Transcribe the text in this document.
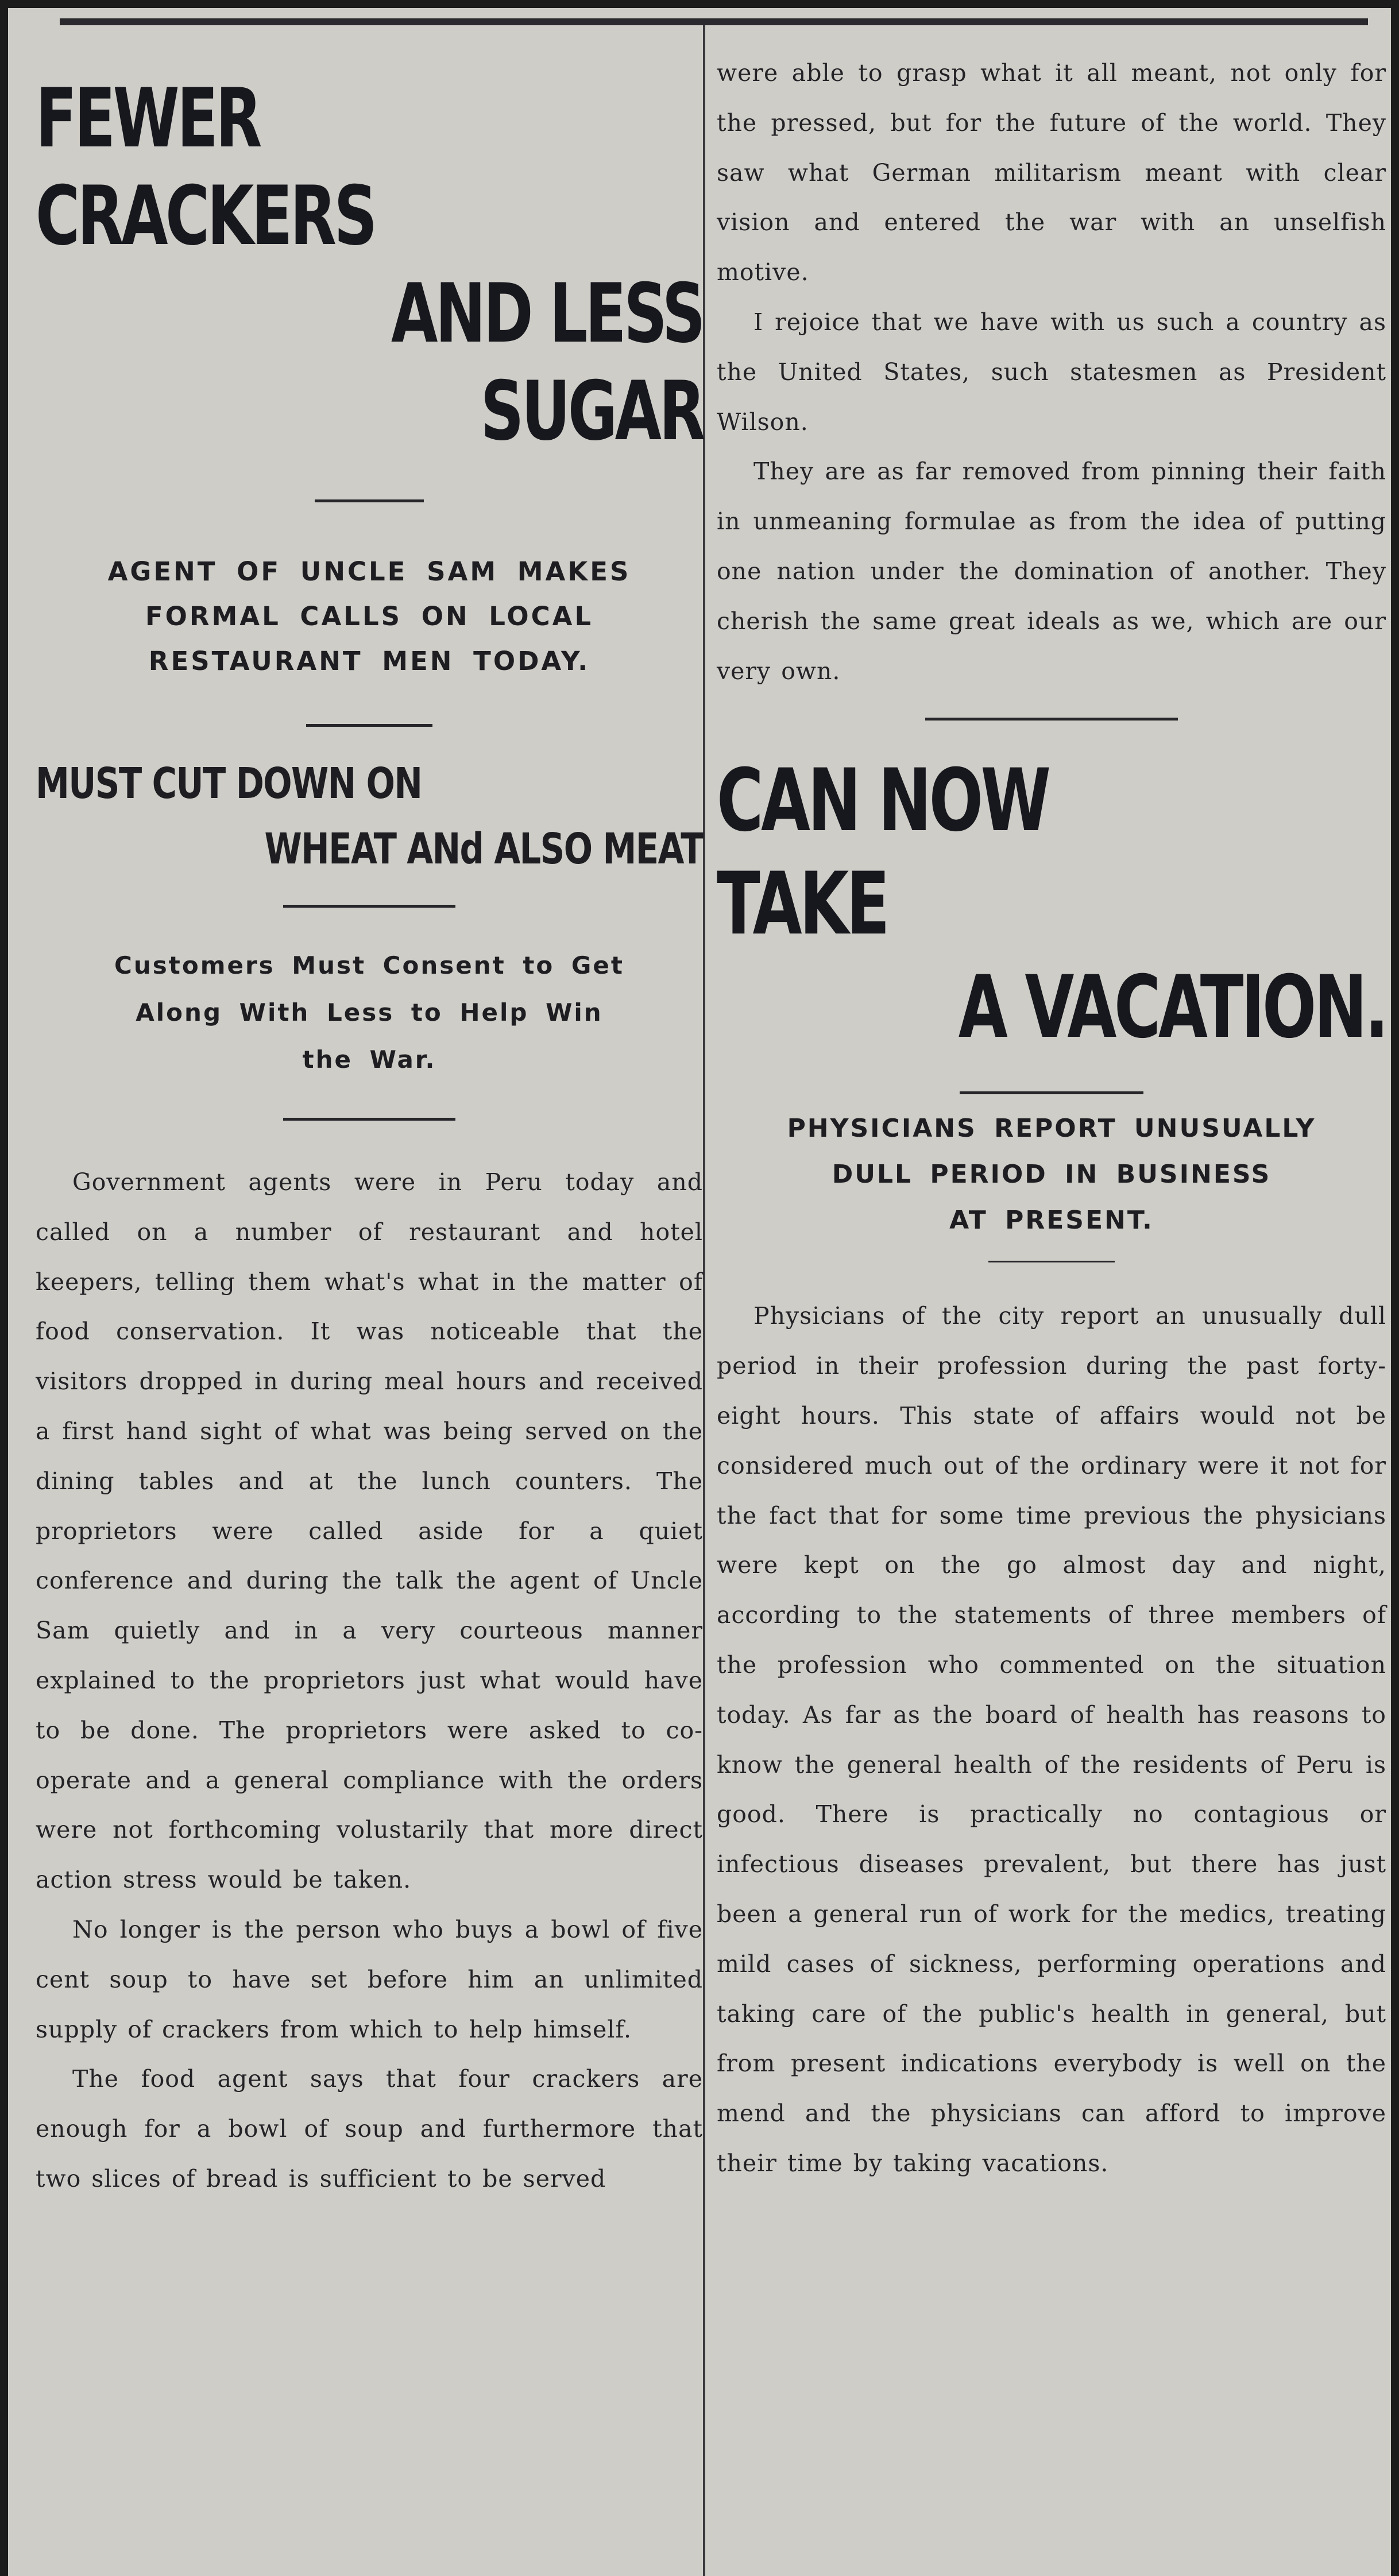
FEWER CRACKERS

AND LESS SUGAR

AGENT OF UNCLE SAM MAKES

FORMAL CALLS ON LOCAL

RESTAURANT MEN TODAY.

MUST CUT DOWN ON

WHEAT ANd ALSO MEAT

Customers Must Consent to Get

Along With Less to Help Win

the War.

Government agents were in Peru today and called on a number of restaurant and hotel keepers, telling them what's what in the matter of food conservation. It was noticeable that the visitors dropped in during meal hours and received a first hand sight of what was being served on the dining tables and at the lunch counters. The proprietors were called aside for a quiet conference and during the talk the agent of Uncle Sam quietly and in a very courteous manner explained to the proprietors just what would have to be done. The proprietors were asked to co-operate and a general compliance with the orders were not forthcoming volustarily that more direct action stress would be taken.

No longer is the person who buys a bowl of five cent soup to have set before him an unlimited supply of crackers from which to help himself.

The food agent says that four crackers are enough for a bowl of soup and furthermore that two slices of bread is sufficient to be served

were able to grasp what it all meant, not only for the pressed, but for the future of the world. They saw what German militarism meant with clear vision and entered the war with an unselfish motive.

I rejoice that we have with us such a country as the United States, such statesmen as President Wilson.

They are as far removed from pinning their faith in unmeaning formulae as from the idea of putting one nation under the domination of another. They cherish the same great ideals as we, which are our very own.

CAN NOW TAKE

A VACATION.

PHYSICIANS REPORT UNUSUALLY

DULL PERIOD IN BUSINESS

AT PRESENT.

Physicians of the city report an unusually dull period in their profession during the past forty-eight hours. This state of affairs would not be considered much out of the ordinary were it not for the fact that for some time previous the physicians were kept on the go almost day and night, according to the statements of three members of the profession who commented on the situation today. As far as the board of health has reasons to know the general health of the residents of Peru is good. There is practically no contagious or infectious diseases prevalent, but there has just been a general run of work for the medics, treating mild cases of sickness, performing operations and taking care of the public's health in general, but from present indications everybody is well on the mend and the physicians can afford to improve their time by taking vacations.
